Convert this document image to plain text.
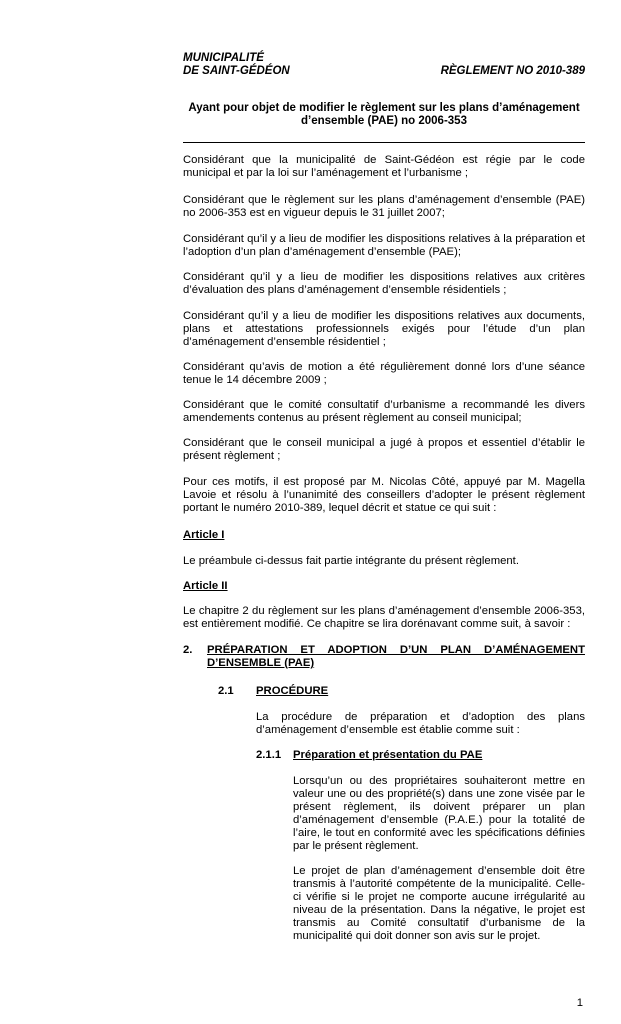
MUNICIPALITÉ
DE SAINT-GÉDÉON	RÈGLEMENT NO 2010-389
Ayant pour objet de modifier le règlement sur les plans d’aménagement
d’ensemble (PAE) no 2006-353
Considérant que la municipalité de Saint-Gédéon est régie par le code municipal et par la loi sur l’aménagement et l’urbanisme ;
Considérant que le règlement sur les plans d’aménagement d’ensemble (PAE) no 2006-353 est en vigueur depuis le 31 juillet 2007;
Considérant qu’il y a lieu de modifier les dispositions relatives à la préparation et l’adoption d’un plan d’aménagement d’ensemble (PAE);
Considérant qu’il y a lieu de modifier les dispositions relatives aux critères d’évaluation des plans d’aménagement d’ensemble résidentiels ;
Considérant qu’il y a lieu de modifier les dispositions relatives aux documents, plans et attestations professionnels exigés pour l’étude d’un plan d’aménagement d’ensemble résidentiel ;
Considérant qu’avis de motion a été régulièrement donné lors d’une séance tenue le 14 décembre 2009 ;
Considérant que le comité consultatif d’urbanisme a recommandé les divers amendements contenus au présent règlement au conseil municipal;
Considérant que le conseil municipal a jugé à propos et essentiel d’établir le présent règlement ;
Pour ces motifs, il est proposé par M. Nicolas Côté, appuyé par M. Magella Lavoie et résolu à l’unanimité des conseillers d’adopter le présent règlement portant le numéro 2010-389, lequel décrit et statue ce qui suit :
Article I
Le préambule ci-dessus fait partie intégrante du présent règlement.
Article II
Le chapitre 2 du règlement sur les plans d’aménagement d’ensemble 2006-353, est entièrement modifié. Ce chapitre se lira dorénavant comme suit, à savoir :
2. PRÉPARATION ET ADOPTION D’UN PLAN D’AMÉNAGEMENT
D’ENSEMBLE (PAE)
2.1 PROCÉDURE
La procédure de préparation et d’adoption des plans d’aménagement d’ensemble est établie comme suit :
2.1.1 Préparation et présentation du PAE
Lorsqu’un ou des propriétaires souhaiteront mettre en valeur une ou des propriété(s) dans une zone visée par le présent règlement, ils doivent préparer un plan d’aménagement d’ensemble (P.A.E.) pour la totalité de l’aire, le tout en conformité avec les spécifications définies par le présent règlement.
Le projet de plan d’aménagement d’ensemble doit être transmis à l’autorité compétente de la municipalité. Celle-ci vérifie si le projet ne comporte aucune irrégularité au niveau de la présentation. Dans la négative, le projet est transmis au Comité consultatif d’urbanisme de la municipalité qui doit donner son avis sur le projet.
1
